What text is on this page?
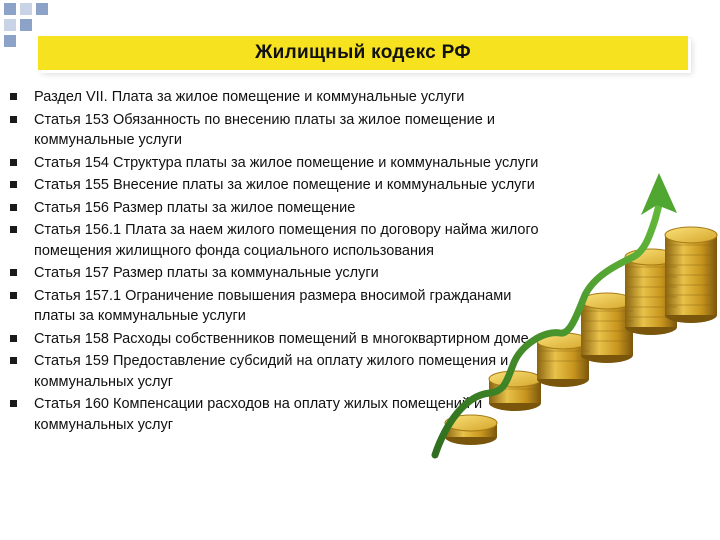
Жилищный кодекс РФ
Раздел VII. Плата за жилое помещение и коммунальные услуги
Статья 153 Обязанность по внесению платы за жилое помещение и коммунальные услуги
Статья 154 Структура платы за жилое помещение и коммунальные услуги
Статья 155 Внесение платы за жилое помещение и коммунальные услуги
Статья 156 Размер платы за жилое помещение
Статья 156.1 Плата за наем жилого помещения по договору найма жилого помещения жилищного фонда социального использования
Статья 157 Размер платы за коммунальные услуги
Статья 157.1 Ограничение повышения размера вносимой гражданами платы за коммунальные услуги
Статья 158 Расходы собственников помещений в многоквартирном доме
Статья 159 Предоставление субсидий на оплату жилого помещения и коммунальных услуг
Статья 160 Компенсации расходов на оплату жилых помещений и коммунальных услуг
